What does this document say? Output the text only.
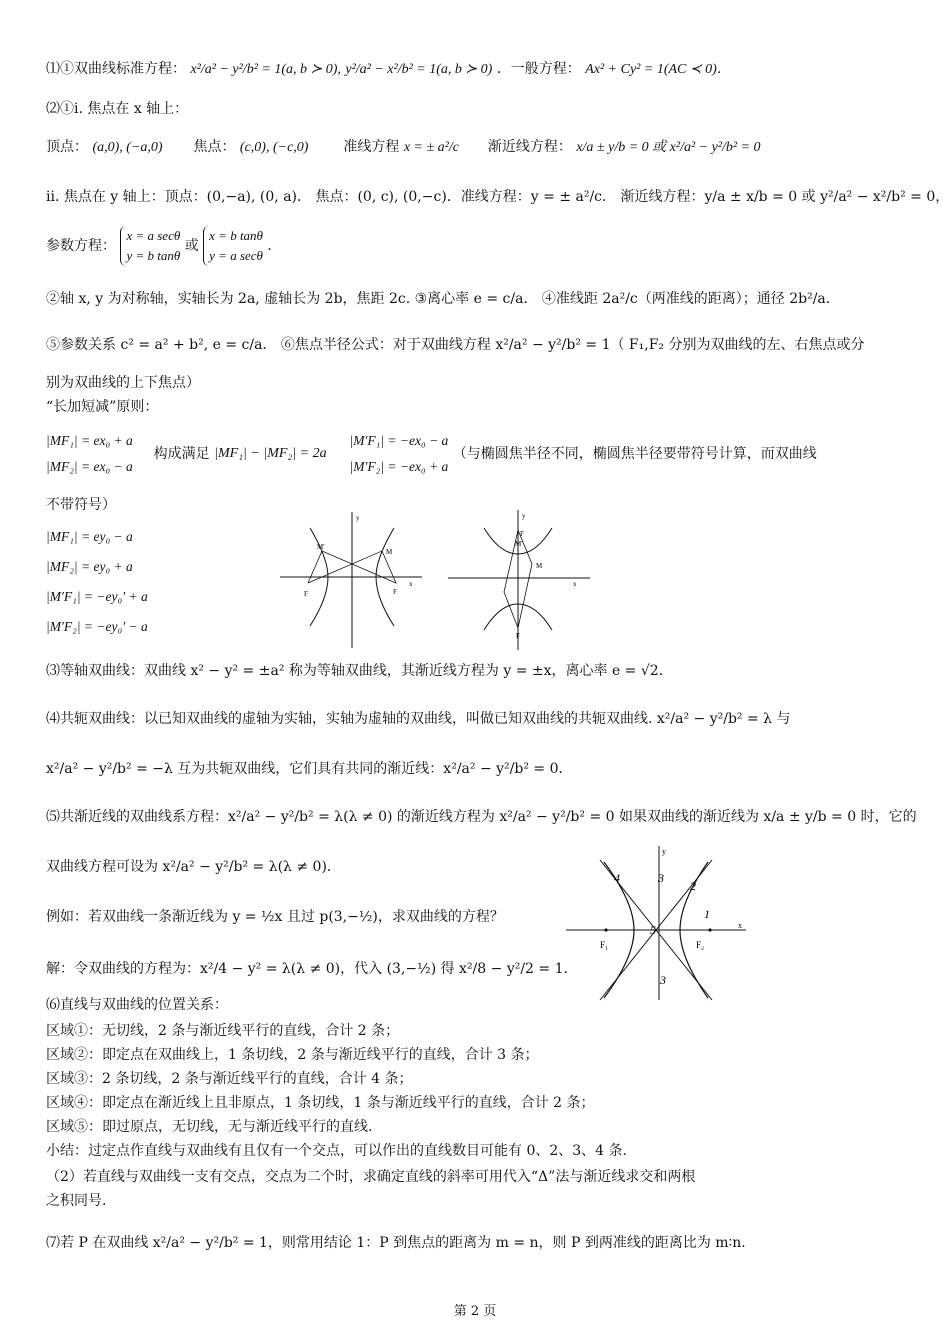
⑴①双曲线标准方程： x²/a² − y²/b² = 1(a, b ≻ 0), y²/a² − x²/b² = 1(a, b ≻ 0) ．一般方程： Ax² + Cy² = 1(AC ≺ 0)．
⑵①i. 焦点在 x 轴上：
顶点： (a,0), (−a,0) 焦点： (c,0), (−c,0) 准线方程 x = ± a²/c 渐近线方程： x/a ± y/b = 0 或 x²/a² − y²/b² = 0
ii. 焦点在 y 轴上：顶点：(0,−a), (0, a)． 焦点：(0, c), (0,−c)．准线方程：y = ± a²/c． 渐近线方程：y/a ± x/b = 0 或 y²/a² − x²/b² = 0，
参数方程： x = a secθ
y = b tanθ 或 x = b tanθ
y = a secθ ．
②轴 x, y 为对称轴，实轴长为 2a, 虚轴长为 2b，焦距 2c. ③离心率 e = c/a． ④准线距 2a²/c（两准线的距离）；通径 2b²/a.
⑤参数关系 c² = a² + b², e = c/a． ⑥焦点半径公式：对于双曲线方程 x²/a² − y²/b² = 1（ F₁,F₂ 分别为双曲线的左、右焦点或分
别为双曲线的上下焦点）
“长加短减”原则：
|MF₁| = ex₀ + a
|MF₂| = ex₀ − a
构成满足 |MF₁| − |MF₂| = 2a
|M′F₁| = −ex₀ − a
|M′F₂| = −ex₀ + a
（与椭圆焦半径不同，椭圆焦半径要带符号计算，而双曲线
不带符号）
|MF₁| = ey₀ − a
|MF₂| = ey₀ + a
|M′F₁| = −ey₀′ + a
|M′F₂| = −ey₀′ − a
y
x
M′
M
F	F
y
x
M′
M
F
F
⑶等轴双曲线：双曲线 x² − y² = ±a² 称为等轴双曲线，其渐近线方程为 y = ±x，离心率 e = √2．
⑷共轭双曲线：以已知双曲线的虚轴为实轴，实轴为虚轴的双曲线，叫做已知双曲线的共轭双曲线. x²/a² − y²/b² = λ 与
x²/a² − y²/b² = −λ 互为共轭双曲线，它们具有共同的渐近线：x²/a² − y²/b² = 0．
⑸共渐近线的双曲线系方程：x²/a² − y²/b² = λ(λ ≠ 0) 的渐近线方程为 x²/a² − y²/b² = 0 如果双曲线的渐近线为 x/a ± y/b = 0 时，它的
双曲线方程可设为 x²/a² − y²/b² = λ(λ ≠ 0)．
例如：若双曲线一条渐近线为 y = ½x 且过 p(3,−½)，求双曲线的方程？
解：令双曲线的方程为：x²/4 − y² = λ(λ ≠ 0)，代入 (3,−½) 得 x²/8 − y²/2 = 1.
y
x
F₁	F₂
1
2
3
3
4
5
⑹直线与双曲线的位置关系：
区域①：无切线，2 条与渐近线平行的直线，合计 2 条；
区域②：即定点在双曲线上，1 条切线，2 条与渐近线平行的直线，合计 3 条；
区域③：2 条切线，2 条与渐近线平行的直线，合计 4 条；
区域④：即定点在渐近线上且非原点，1 条切线，1 条与渐近线平行的直线，合计 2 条；
区域⑤：即过原点，无切线，无与渐近线平行的直线.
小结：过定点作直线与双曲线有且仅有一个交点，可以作出的直线数目可能有 0、2、3、4 条.
（2）若直线与双曲线一支有交点，交点为二个时，求确定直线的斜率可用代入“Δ”法与渐近线求交和两根
之积同号.
⑺若 P 在双曲线 x²/a² − y²/b² = 1，则常用结论 1：P 到焦点的距离为 m = n，则 P 到两准线的距离比为 m∶n.
第 2 页
